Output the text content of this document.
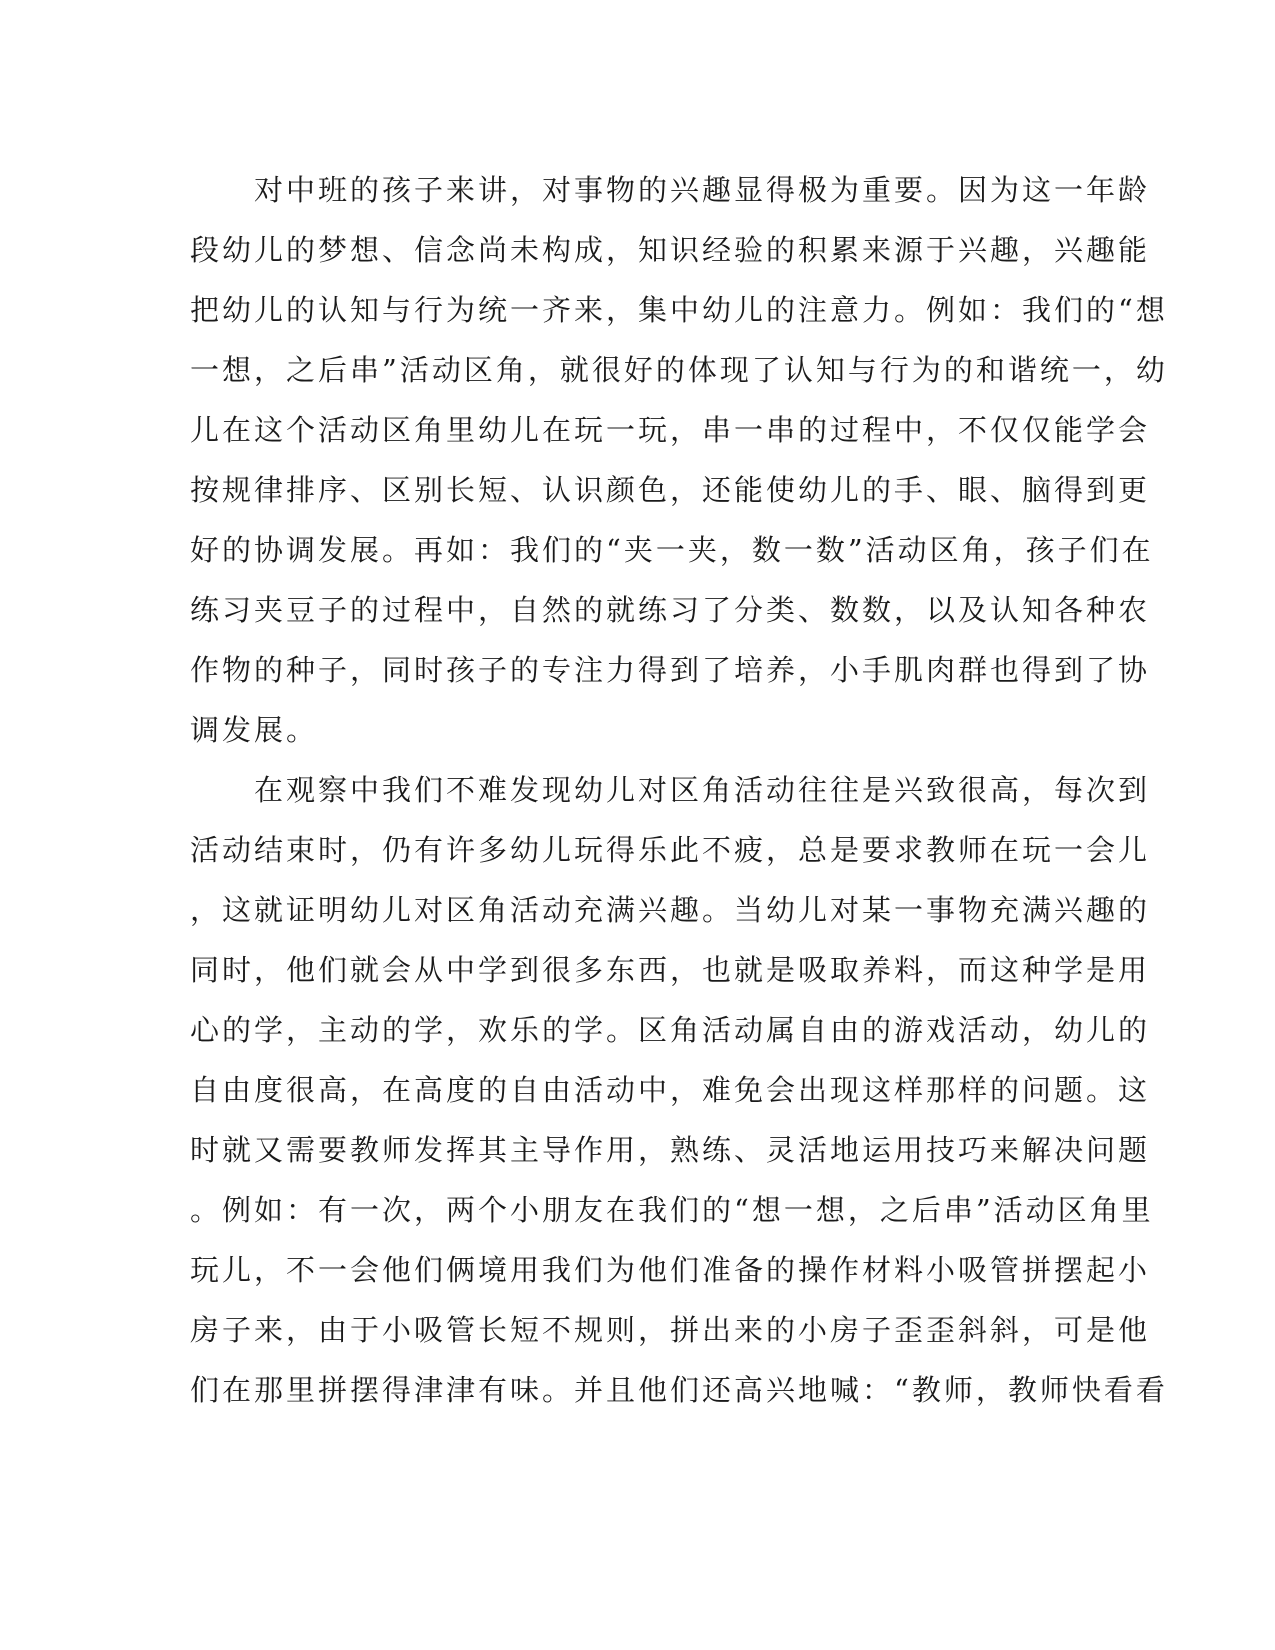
对中班的孩子来讲，对事物的兴趣显得极为重要。因为这一年龄
段幼儿的梦想、信念尚未构成，知识经验的积累来源于兴趣，兴趣能
把幼儿的认知与行为统一齐来，集中幼儿的注意力。例如：我们的“想
一想，之后串”活动区角，就很好的体现了认知与行为的和谐统一，幼
儿在这个活动区角里幼儿在玩一玩，串一串的过程中，不仅仅能学会
按规律排序、区别长短、认识颜色，还能使幼儿的手、眼、脑得到更
好的协调发展。再如：我们的“夹一夹，数一数”活动区角，孩子们在
练习夹豆子的过程中，自然的就练习了分类、数数，以及认知各种农
作物的种子，同时孩子的专注力得到了培养，小手肌肉群也得到了协
调发展。
在观察中我们不难发现幼儿对区角活动往往是兴致很高，每次到
活动结束时，仍有许多幼儿玩得乐此不疲，总是要求教师在玩一会儿
，这就证明幼儿对区角活动充满兴趣。当幼儿对某一事物充满兴趣的
同时，他们就会从中学到很多东西，也就是吸取养料，而这种学是用
心的学，主动的学，欢乐的学。区角活动属自由的游戏活动，幼儿的
自由度很高，在高度的自由活动中，难免会出现这样那样的问题。这
时就又需要教师发挥其主导作用，熟练、灵活地运用技巧来解决问题
。例如：有一次，两个小朋友在我们的“想一想，之后串”活动区角里
玩儿，不一会他们俩境用我们为他们准备的操作材料小吸管拼摆起小
房子来，由于小吸管长短不规则，拼出来的小房子歪歪斜斜，可是他
们在那里拼摆得津津有味。并且他们还高兴地喊：“教师，教师快看看
